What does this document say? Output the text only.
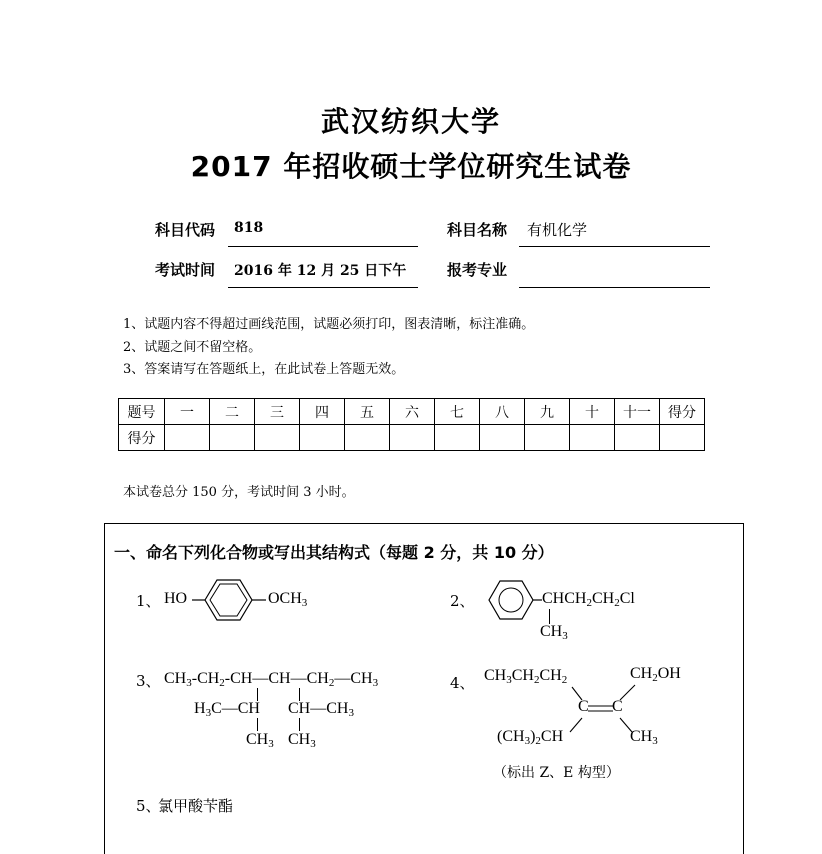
武汉纺织大学
2017 年招收硕士学位研究生试卷
科目代码 818	科目名称 有机化学
考试时间 2016 年 12 月 25 日下午	报考专业
1、试题内容不得超过画线范围，试题必须打印，图表清晰，标注准确。
2、试题之间不留空格。
3、答案请写在答题纸上，在此试卷上答题无效。
题号	一	二	三	四	五	六	七	八	九	十	十一	得分
得分												
本试卷总分 150 分，考试时间 3 小时。
一、命名下列化合物或写出其结构式（每题 2 分，共 10 分）
1、 HO	$OCH_3$	2、	$CHCH_2CH_2Cl$
$CH_3$
3、 $CH_3-CH_2-CH—CH—CH_2—CH_3$
$H_3C—CH$ $CH—CH_3$
$CH_3$ $CH_3$
4、 $CH_3CH_2CH_2$	$CH_2OH$
C C
$(CH_3)_2CH$	$CH_3$
（标出 Z、E 构型）
5、
氯甲酸苄酯
